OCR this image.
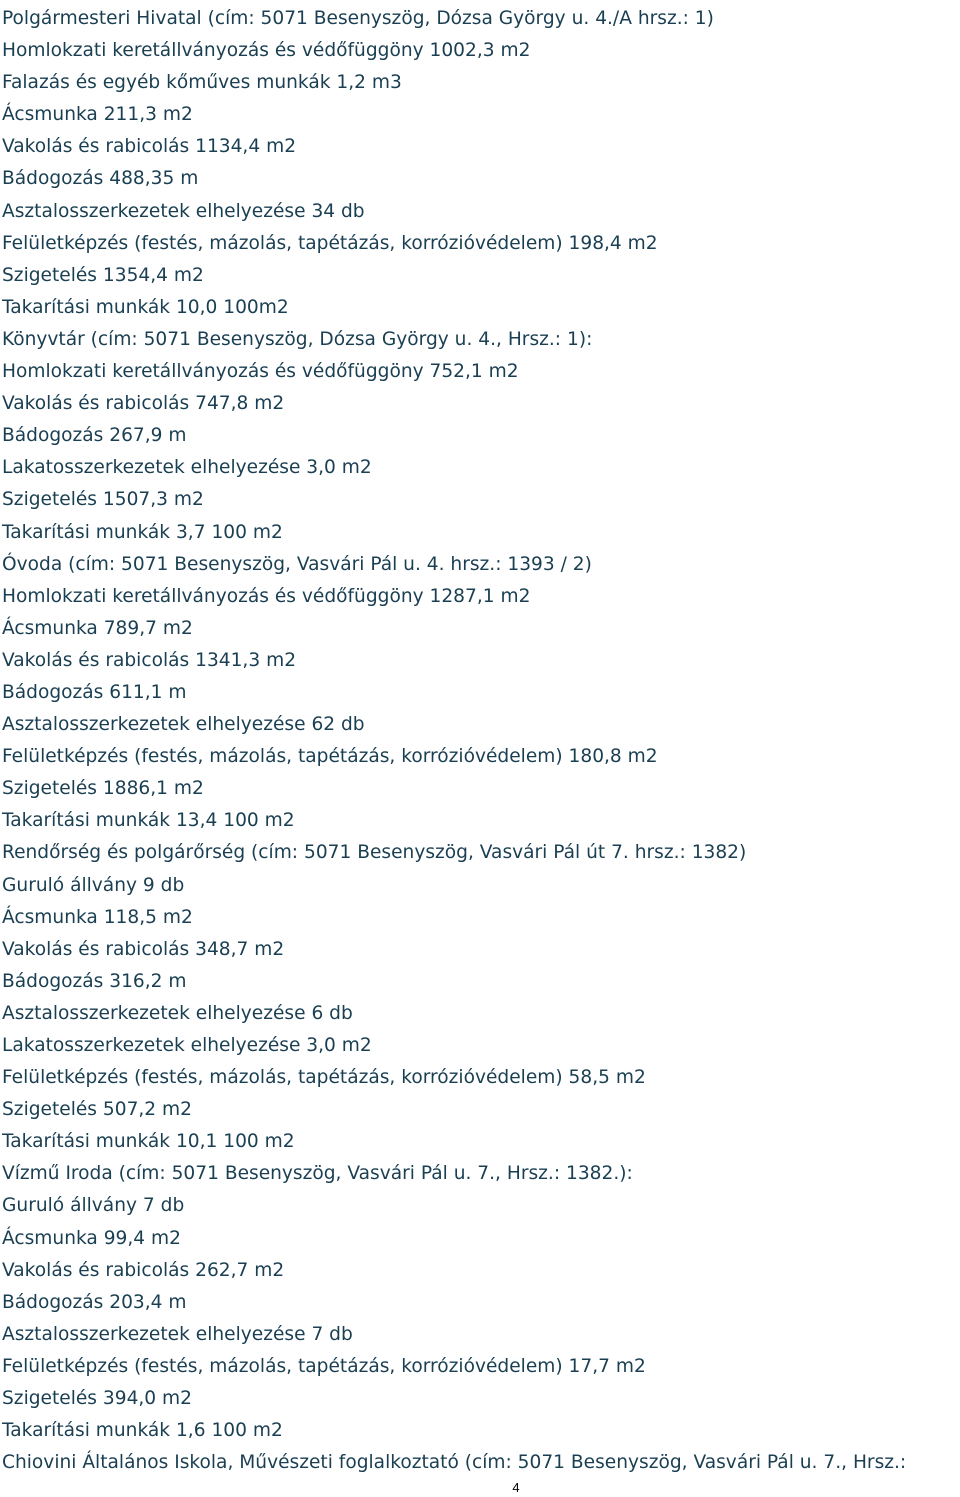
Polgármesteri Hivatal (cím: 5071 Besenyszög, Dózsa György u. 4./A hrsz.: 1)
Homlokzati keretállványozás és védőfüggöny 1002,3 m2
Falazás és egyéb kőműves munkák 1,2 m3
Ácsmunka 211,3 m2
Vakolás és rabicolás 1134,4 m2
Bádogozás 488,35 m
Asztalosszerkezetek elhelyezése 34 db
Felületképzés (festés, mázolás, tapétázás, korrózióvédelem) 198,4 m2
Szigetelés 1354,4 m2
Takarítási munkák 10,0 100m2
Könyvtár (cím: 5071 Besenyszög, Dózsa György u. 4., Hrsz.: 1):
Homlokzati keretállványozás és védőfüggöny 752,1 m2
Vakolás és rabicolás 747,8 m2
Bádogozás 267,9 m
Lakatosszerkezetek elhelyezése 3,0 m2
Szigetelés 1507,3 m2
Takarítási munkák 3,7 100 m2
Óvoda (cím: 5071 Besenyszög, Vasvári Pál u. 4. hrsz.: 1393 / 2)
Homlokzati keretállványozás és védőfüggöny 1287,1 m2
Ácsmunka 789,7 m2
Vakolás és rabicolás 1341,3 m2
Bádogozás 611,1 m
Asztalosszerkezetek elhelyezése 62 db
Felületképzés (festés, mázolás, tapétázás, korrózióvédelem) 180,8 m2
Szigetelés 1886,1 m2
Takarítási munkák 13,4 100 m2
Rendőrség és polgárőrség (cím: 5071 Besenyszög, Vasvári Pál út 7. hrsz.: 1382)
Guruló állvány 9 db
Ácsmunka 118,5 m2
Vakolás és rabicolás 348,7 m2
Bádogozás 316,2 m
Asztalosszerkezetek elhelyezése 6 db
Lakatosszerkezetek elhelyezése 3,0 m2
Felületképzés (festés, mázolás, tapétázás, korrózióvédelem) 58,5 m2
Szigetelés 507,2 m2
Takarítási munkák 10,1 100 m2
Vízmű Iroda (cím: 5071 Besenyszög, Vasvári Pál u. 7., Hrsz.: 1382.):
Guruló állvány 7 db
Ácsmunka 99,4 m2
Vakolás és rabicolás 262,7 m2
Bádogozás 203,4 m
Asztalosszerkezetek elhelyezése 7 db
Felületképzés (festés, mázolás, tapétázás, korrózióvédelem) 17,7 m2
Szigetelés 394,0 m2
Takarítási munkák 1,6 100 m2
Chiovini Általános Iskola, Művészeti foglalkoztató (cím: 5071 Besenyszög, Vasvári Pál u. 7., Hrsz.:
4
